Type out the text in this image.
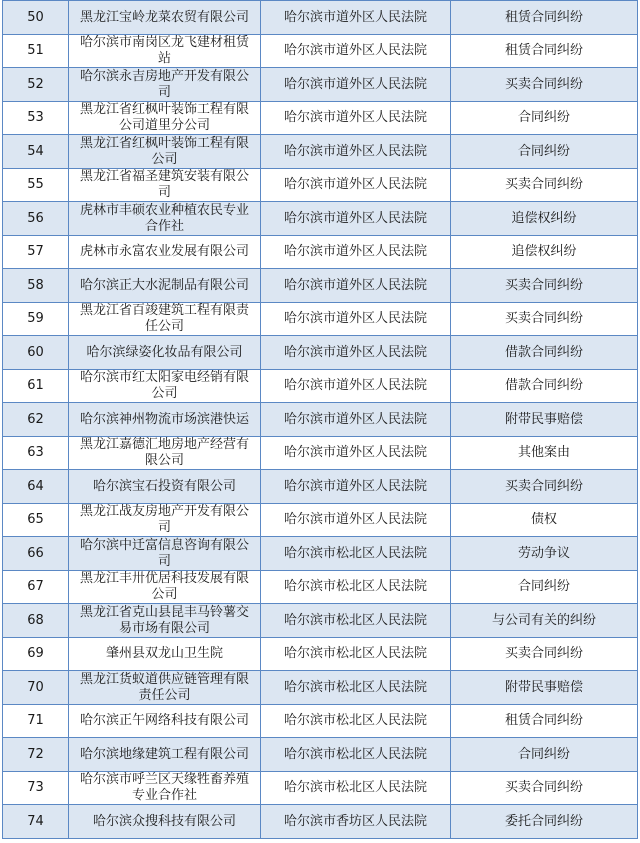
50	黑龙江宝岭龙菜农贸有限公司	哈尔滨市道外区人民法院	租赁合同纠纷
51	哈尔滨市南岗区龙飞建材租赁站	哈尔滨市道外区人民法院	租赁合同纠纷
52	哈尔滨永吉房地产开发有限公司	哈尔滨市道外区人民法院	买卖合同纠纷
53	黑龙江省红枫叶装饰工程有限公司道里分公司	哈尔滨市道外区人民法院	合同纠纷
54	黑龙江省红枫叶装饰工程有限公司	哈尔滨市道外区人民法院	合同纠纷
55	黑龙江省福圣建筑安装有限公司	哈尔滨市道外区人民法院	买卖合同纠纷
56	虎林市丰硕农业种植农民专业合作社	哈尔滨市道外区人民法院	追偿权纠纷
57	虎林市永富农业发展有限公司	哈尔滨市道外区人民法院	追偿权纠纷
58	哈尔滨正大水泥制品有限公司	哈尔滨市道外区人民法院	买卖合同纠纷
59	黑龙江省百竣建筑工程有限责任公司	哈尔滨市道外区人民法院	买卖合同纠纷
60	哈尔滨绿姿化妆品有限公司	哈尔滨市道外区人民法院	借款合同纠纷
61	哈尔滨市红太阳家电经销有限公司	哈尔滨市道外区人民法院	借款合同纠纷
62	哈尔滨神州物流市场滨港快运	哈尔滨市道外区人民法院	附带民事赔偿
63	黑龙江嘉德汇地房地产经营有限公司	哈尔滨市道外区人民法院	其他案由
64	哈尔滨宝石投资有限公司	哈尔滨市道外区人民法院	买卖合同纠纷
65	黑龙江战友房地产开发有限公司	哈尔滨市道外区人民法院	债权
66	哈尔滨中迁富信息咨询有限公司	哈尔滨市松北区人民法院	劳动争议
67	黑龙江丰卅优居科技发展有限公司	哈尔滨市松北区人民法院	合同纠纷
68	黑龙江省克山县昆丰马铃薯交易市场有限公司	哈尔滨市松北区人民法院	与公司有关的纠纷
69	肇州县双龙山卫生院	哈尔滨市松北区人民法院	买卖合同纠纷
70	黑龙江货蚁道供应链管理有限责任公司	哈尔滨市松北区人民法院	附带民事赔偿
71	哈尔滨正午网络科技有限公司	哈尔滨市松北区人民法院	租赁合同纠纷
72	哈尔滨地缘建筑工程有限公司	哈尔滨市松北区人民法院	合同纠纷
73	哈尔滨市呼兰区天缘牲畜养殖专业合作社	哈尔滨市松北区人民法院	买卖合同纠纷
74	哈尔滨众搜科技有限公司	哈尔滨市香坊区人民法院	委托合同纠纷
